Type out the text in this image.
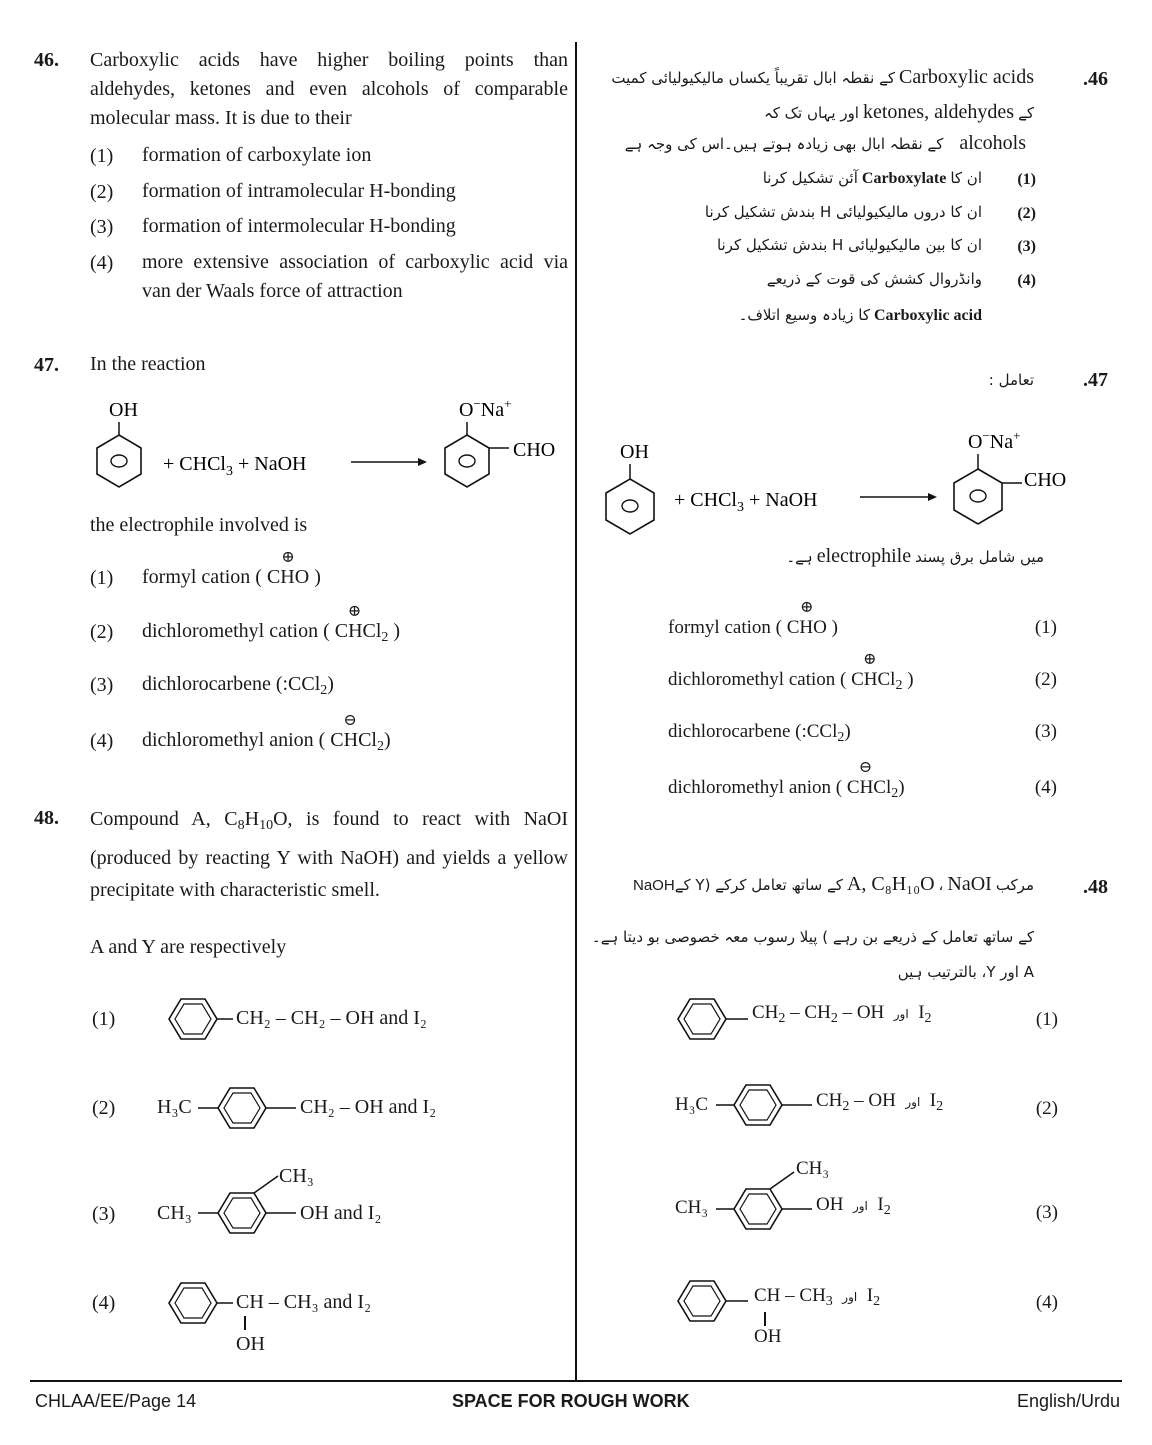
46. Carboxylic acids have higher boiling points than aldehydes, ketones and even alcohols of comparable molecular mass. It is due to their
(1) formation of carboxylate ion
(2) formation of intramolecular H-bonding
(3) formation of intermolecular H-bonding
(4) more extensive association of carboxylic acid via van der Waals force of attraction
47. In the reaction
OH
+ CHCl$_3$ + NaOH
O−Na+
CHO
the electrophile involved is
(1) formyl cation (
⊕
CHO )
(2) dichloromethyl cation (
⊕
CHCl$_2$ )
(3) dichlorocarbene (:CCl$_2$)
(4) dichloromethyl anion (
⊖
CHCl$_2$)
48. Compound A, $C_8H_{10}O$, is found to react with NaOI (produced by reacting Y with NaOH) and yields a yellow precipitate with characteristic smell.
A and Y are respectively
(1)	CH₂ – CH₂ – OH and I₂
(2) H₃C	CH₂ – OH and I₂
(3) CH₃
CH₃
OH and I₂
(4)	CH – CH₃ and I₂
OH
.46
Carboxylic acids کے نقطہ ابال تقریباً یکساں مالیکیولیائی کمیت
کے ketones, aldehydes اور یہاں تک کہ
alcohols    کے نقطہ ابال بھی زیادہ ہوتے ہیں۔اس کی وجہ ہے
(1)
ان کا Carboxylate آئن تشکیل کرنا
(2)
ان کا دروں مالیکیولیائی H بندش تشکیل کرنا
(3)
ان کا بین مالیکیولیائی H بندش تشکیل کرنا
(4)
وانڈروال کشش کی قوت کے ذریعے
Carboxylic acid کا زیادہ وسیع اتلاف۔
.47
تعامل :
OH
+ CHCl$_3$ + NaOH
O−Na+
CHO
میں شامل برق پسند electrophile ہے۔
(1)
formyl cation (
⊕
CHO )
(2)
dichloromethyl cation (
⊕
CHCl$_2$ )
(3)
dichlorocarbene (:CCl$_2$)
(4)
dichloromethyl anion (
⊖
CHCl$_2$)
.48
مرکب A, C₈H₁₀O ، NaOI کے ساتھ تعامل کرکے (Y کےNaOH
کے ساتھ تعامل کے ذریعے بن رہے ) پیلا رسوب معہ خصوصی بو دیتا ہے۔
A اور Y، بالترتیب ہیں
(1)
$CH_2 - CH_2$ – OH  اور  $I_2$
(2)
H₃C	$CH_2$ – OH  اور  $I_2$
(3)
CH₃
CH₃
OH  اور  $I_2$
(4)
CH – $CH_3$ اور  $I_2$
OH
CHLAA/EE/Page 14	SPACE FOR ROUGH WORK	English/Urdu
